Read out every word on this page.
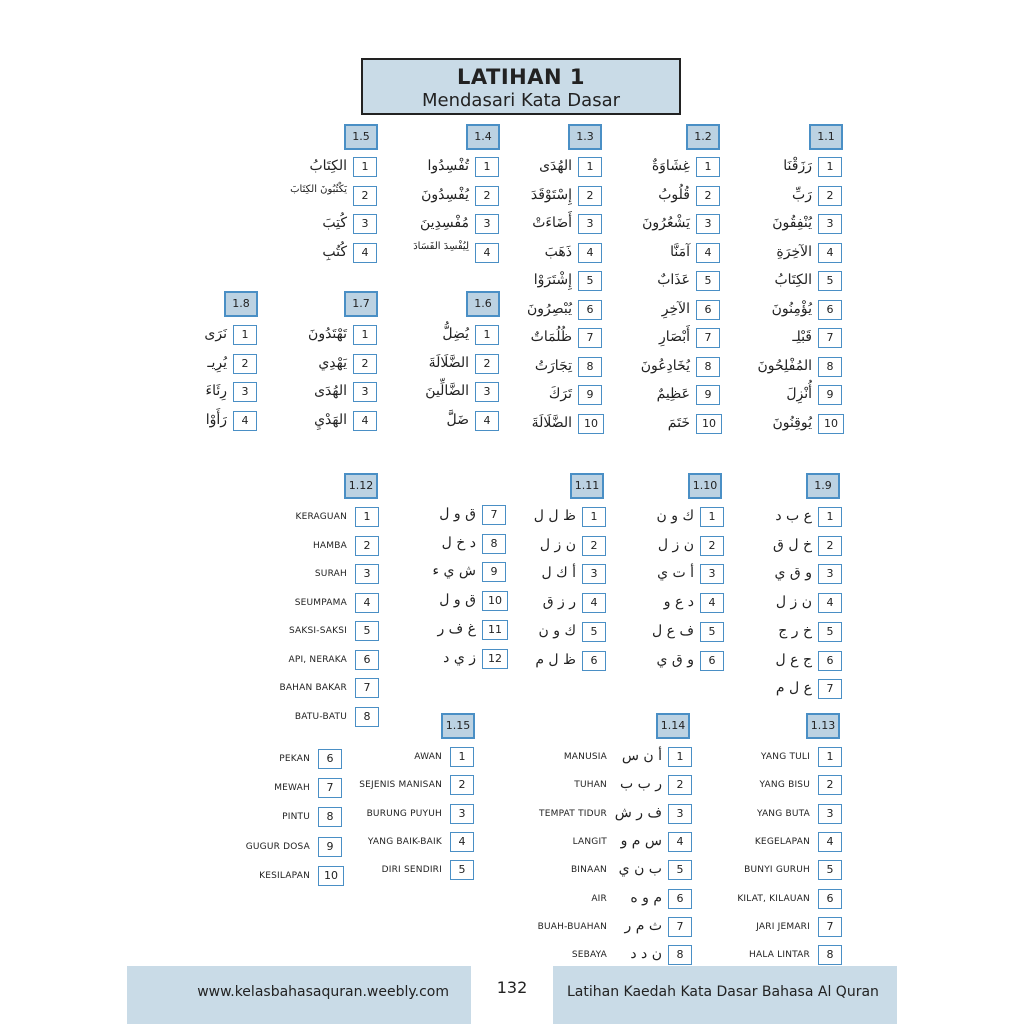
LATIHAN 1
Mendasari Kata Dasar
1.1
1
رَزَقْنَا
2
رَبِّ
3
يُنْفِقُونَ
4
الآخِرَةِ
5
الكِتَابُ
6
يُؤْمِنُونَ
7
قَبْلِـ
8
المُفْلِحُونَ
9
أُنْزِلَ
10
يُوقِنُونَ
1.2
1
غِشَاوَةٌ
2
قُلُوبُ
3
يَشْعُرُونَ
4
آمَنَّا
5
عَذَابٌ
6
الآخِرِ
7
أَبْصَارِ
8
يُخَادِعُونَ
9
عَظِيمٌ
10
خَتَمَ
1.3
1
الهُدَى
2
إِسْتَوْقَدَ
3
أَضَاءَتْ
4
ذَهَبَ
5
إِشْتَرَوْا
6
يُبْصِرُونَ
7
ظُلُمَاتٌ
8
تِجَارَتُ
9
تَرَكَ
10
الضَّلَالَةَ
1.4
1
تُفْسِدُوا
2
يُفْسِدُونَ
3
مُفْسِدِينَ
4
لِيُفْسِدَ الفَسَادَ
1.5
1
الكِتَابُ
2
يَكْتُبُونَ الكِتَابَ
3
كُتِبَ
4
كُتُبِ
1.6
1
يُضِلُّ
2
الضَّلَالَةَ
3
الضَّالِّينَ
4
ضَلَّ
1.7
1
تَهْتَدُونَ
2
يَهْدِي
3
الهُدَى
4
الهَدْيِ
1.8
1
نَرَى
2
يُرِيـ
3
رِئَاءَ
4
رَأَوْا
1.9
1
ع ب د
2
خ ل ق
3
و ق ي
4
ن ز ل
5
خ ر ج
6
ج ع ل
7
ع ل م
1.10
1
ك و ن
2
ن ز ل
3
أ ت ي
4
د ع و
5
ف ع ل
6
و ق ي
1.11
1
ظ ل ل
2
ن ز ل
3
أ ك ل
4
ر ز ق
5
ك و ن
6
ظ ل م
7
ق و ل
8
د خ ل
9
ش ي ء
10
ق و ل
11
غ ف ر
12
ز ي د
1.12
1
KERAGUAN
2
HAMBA
3
SURAH
4
SEUMPAMA
5
SAKSI-SAKSI
6
API, NERAKA
7
BAHAN BAKAR
8
BATU-BATU
1.13
1
YANG TULI
2
YANG BISU
3
YANG BUTA
4
KEGELAPAN
5
BUNYI GURUH
6
KILAT, KILAUAN
7
JARI JEMARI
8
HALA LINTAR
1.14
1
أ ن س
2
ر ب ب
3
ف ر ش
4
س م و
5
ب ن ي
6
م و ه
7
ث م ر
8
ن د د
MANUSIA
TUHAN
TEMPAT TIDUR
LANGIT
BINAAN
AIR
BUAH-BUAHAN
SEBAYA
1.15
1
AWAN
2
SEJENIS MANISAN
3
BURUNG PUYUH
4
YANG BAIK-BAIK
5
DIRI SENDIRI
6
PEKAN
7
MEWAH
8
PINTU
9
GUGUR DOSA
10
KESILAPAN
www.kelasbahasaquran.weebly.com	132	Latihan Kaedah Kata Dasar Bahasa Al Quran
